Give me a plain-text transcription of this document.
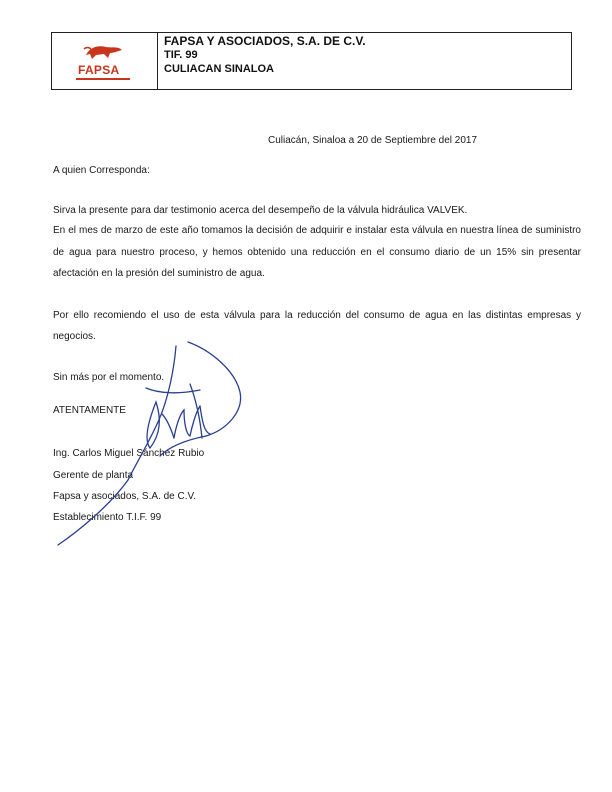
FAPSA
FAPSA Y ASOCIADOS, S.A. DE C.V.
TIF. 99
CULIACAN SINALOA
Culiacán, Sinaloa a 20 de Septiembre del 2017
A quien Corresponda:
Sirva la presente para dar testimonio acerca del desempeño de la válvula hidráulica VALVEK.
En el mes de marzo de este año tomamos la decisión de adquirir e instalar esta válvula en nuestra línea de suministro
de agua para nuestro proceso, y hemos obtenido una reducción en el consumo diario de un 15% sin presentar
afectación en la presión del suministro de agua.
Por ello recomiendo el uso de esta válvula para la reducción del consumo de agua en las distintas empresas y
negocios.
Sin más por el momento.
ATENTAMENTE
Ing. Carlos Miguel Sánchez Rubio
Gerente de planta
Fapsa y asociados, S.A. de C.V.
Establecimiento T.I.F. 99
